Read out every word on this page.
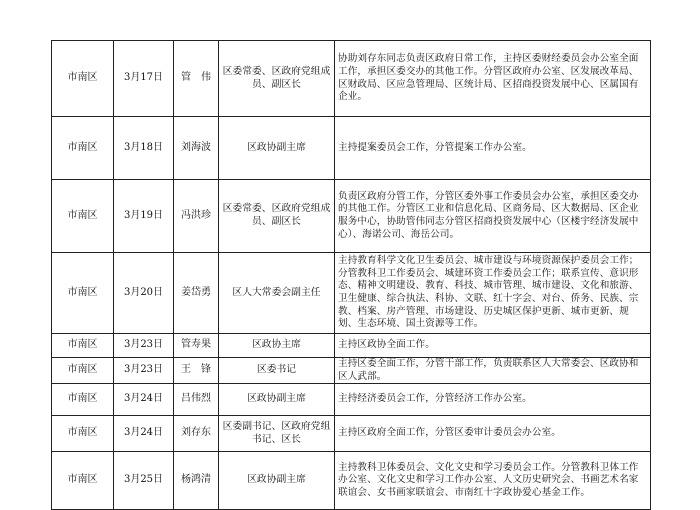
市南区	3月17日	管　伟	区委常委、区政府党组成员、副区长	协助刘存东同志负责区政府日常工作，主持区委财经委员会办公室全面工作，承担区委交办的其他工作。分管区政府办公室、区发展改革局、区财政局、区应急管理局、区统计局、区招商投资发展中心、区属国有企业。
市南区	3月18日	刘海波	区政协副主席	主持提案委员会工作，分管提案工作办公室。
市南区	3月19日	冯洪珍	区委常委、区政府党组成员、副区长	负责区政府分管工作，分管区委外事工作委员会办公室，承担区委交办的其他工作。分管区工业和信息化局、区商务局、区大数据局、区企业服务中心，协助管伟同志分管区招商投资发展中心（区楼宇经济发展中心）、海诺公司、海岳公司。
市南区	3月20日	姜岱勇	区人大常委会副主任	主持教育科学文化卫生委员会、城市建设与环境资源保护委员会工作；分管教科卫工作委员会、城建环资工作委员会工作；联系宣传、意识形态、精神文明建设、教育、科技、城市管理、城市建设、文化和旅游、卫生健康、综合执法、科协、文联、红十字会、对台、侨务、民族、宗教、档案、房产管理、市场建设、历史城区保护更新、城市更新、规划、生态环境、国土资源等工作。
市南区	3月23日	管寿果	区政协主席	主持区政协全面工作。
市南区	3月23日	王　锋	区委书记	主持区委全面工作，分管干部工作，负责联系区人大常委会、区政协和区人武部。
市南区	3月24日	吕伟烈	区政协副主席	主持经济委员会工作，分管经济工作办公室。
市南区	3月24日	刘存东	区委副书记、区政府党组书记、区长	主持区政府全面工作，分管区委审计委员会办公室。
市南区	3月25日	杨鸿清	区政协副主席	主持教科卫体委员会、文化文史和学习委员会工作。分管教科卫体工作办公室、文化文史和学习工作办公室、人文历史研究会、书画艺术名家联谊会、女书画家联谊会、市南红十字政协爱心基金工作。
